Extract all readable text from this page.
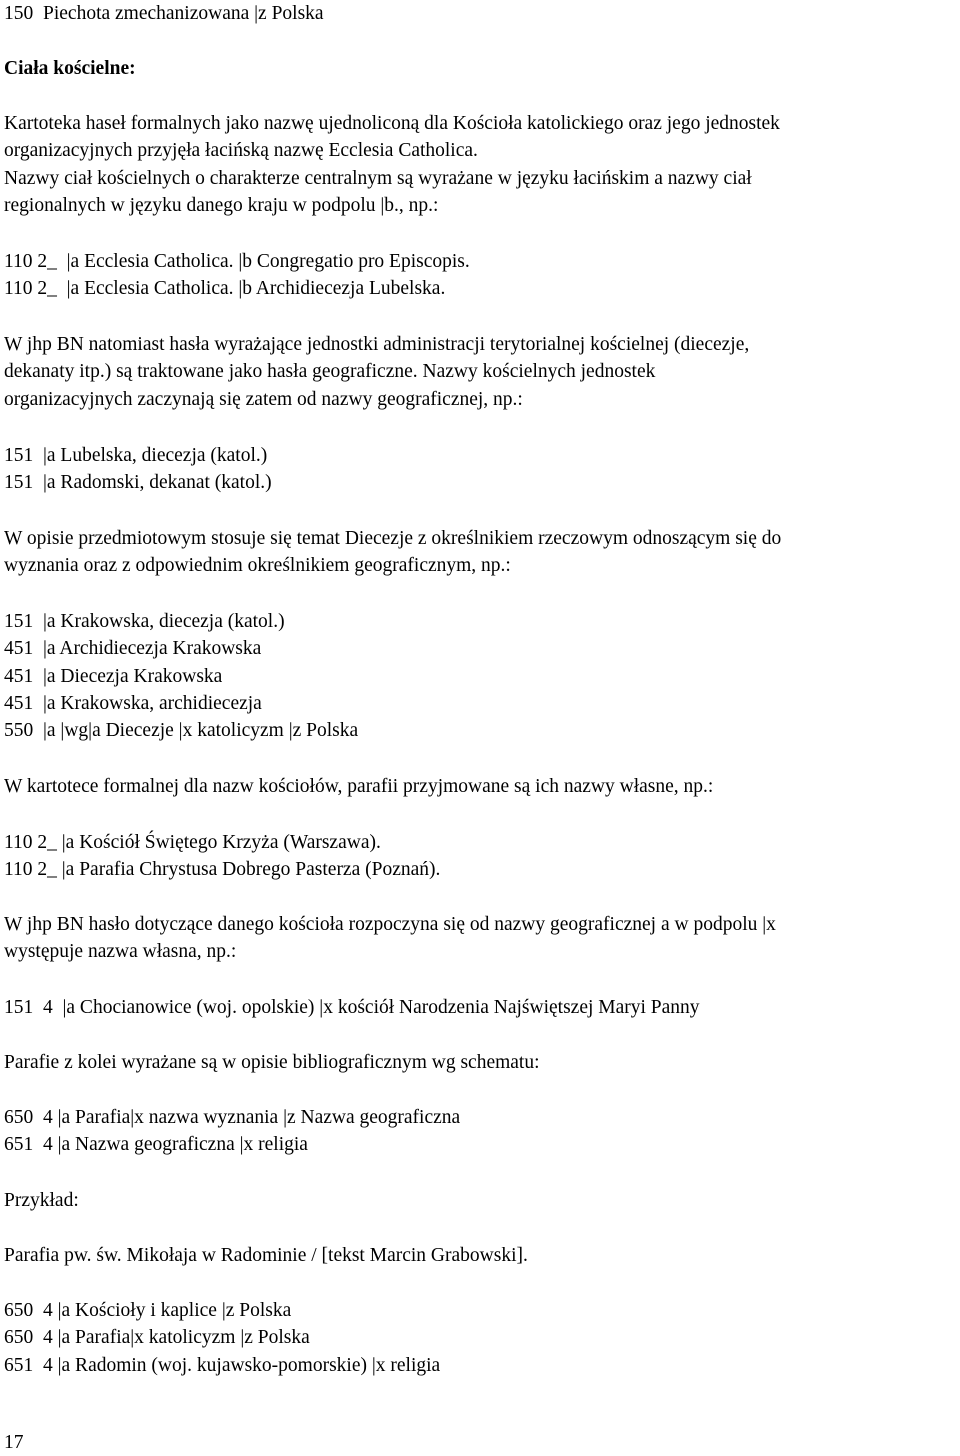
150  Piechota zmechanizowana |z Polska
Ciała kościelne:
Kartoteka haseł formalnych jako nazwę ujednoliconą dla Kościoła katolickiego oraz jego jednostek
organizacyjnych przyjęła łacińską nazwę Ecclesia Catholica.
Nazwy ciał kościelnych o charakterze centralnym są wyrażane w języku łacińskim a nazwy ciał
regionalnych w języku danego kraju w podpolu |b., np.:
110 2_  |a Ecclesia Catholica. |b Congregatio pro Episcopis.
110 2_  |a Ecclesia Catholica. |b Archidiecezja Lubelska.
W jhp BN natomiast hasła wyrażające jednostki administracji terytorialnej kościelnej (diecezje,
dekanaty itp.) są traktowane jako hasła geograficzne. Nazwy kościelnych jednostek
organizacyjnych zaczynają się zatem od nazwy geograficznej, np.:
151  |a Lubelska, diecezja (katol.)
151  |a Radomski, dekanat (katol.)
W opisie przedmiotowym stosuje się temat Diecezje z określnikiem rzeczowym odnoszącym się do
wyznania oraz z odpowiednim określnikiem geograficznym, np.:
151  |a Krakowska, diecezja (katol.)
451  |a Archidiecezja Krakowska
451  |a Diecezja Krakowska
451  |a Krakowska, archidiecezja
550  |a |wg|a Diecezje |x katolicyzm |z Polska
W kartotece formalnej dla nazw kościołów, parafii przyjmowane są ich nazwy własne, np.:
110 2_ |a Kościół Świętego Krzyża (Warszawa).
110 2_ |a Parafia Chrystusa Dobrego Pasterza (Poznań).
W jhp BN hasło dotyczące danego kościoła rozpoczyna się od nazwy geograficznej a w podpolu |x
występuje nazwa własna, np.:
151  4  |a Chocianowice (woj. opolskie) |x kościół Narodzenia Najświętszej Maryi Panny
Parafie z kolei wyrażane są w opisie bibliograficznym wg schematu:
650  4 |a Parafia|x nazwa wyznania |z Nazwa geograficzna
651  4 |a Nazwa geograficzna |x religia
Przykład:
Parafia pw. św. Mikołaja w Radominie / [tekst Marcin Grabowski].
650  4 |a Kościoły i kaplice |z Polska
650  4 |a Parafia|x katolicyzm |z Polska
651  4 |a Radomin (woj. kujawsko-pomorskie) |x religia
17
